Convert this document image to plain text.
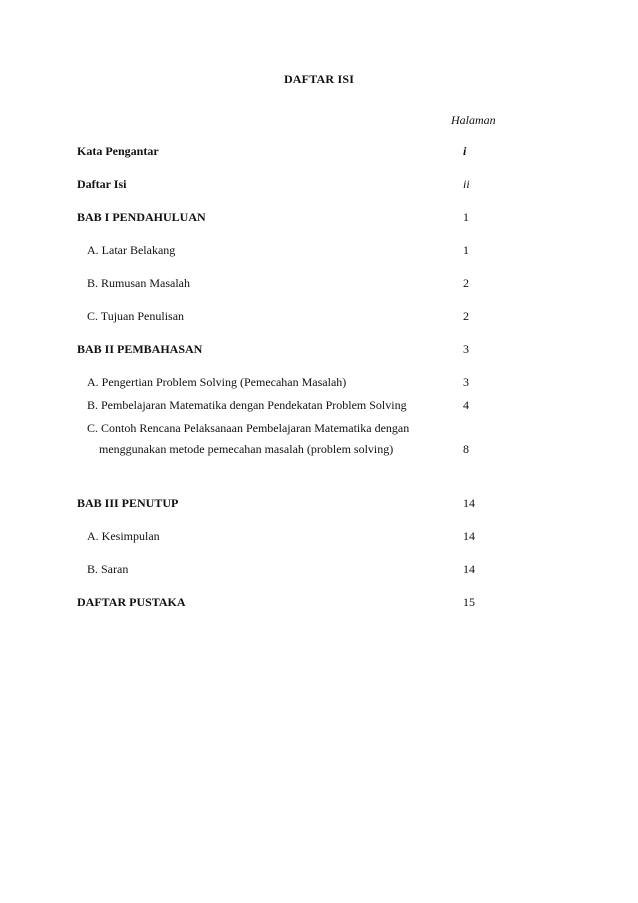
DAFTAR ISI
Halaman
Kata Pengantar	i
Daftar Isi	ii
BAB I PENDAHULUAN	1
A. Latar Belakang	1
B. Rumusan Masalah	2
C. Tujuan Penulisan	2
BAB II PEMBAHASAN	3
A. Pengertian Problem Solving (Pemecahan Masalah)	3
B. Pembelajaran Matematika dengan Pendekatan Problem Solving	4
C. Contoh Rencana Pelaksanaan Pembelajaran Matematika dengan
menggunakan metode pemecahan masalah (problem solving)	8
BAB III PENUTUP	14
A. Kesimpulan	14
B. Saran	14
DAFTAR PUSTAKA	15
